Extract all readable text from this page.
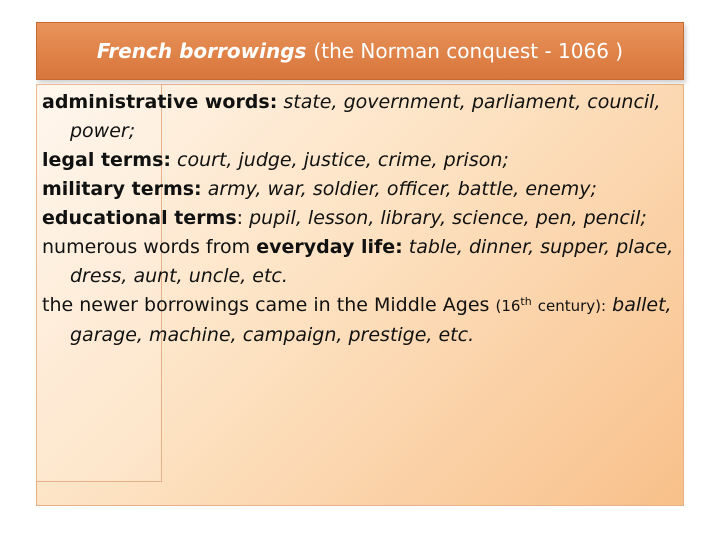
French borrowings (the Norman conquest - 1066 )

administrative words: state, government, parliament, council, power;

legal terms: court, judge, justice, crime, prison;

military terms: army, war, soldier, officer, battle, enemy;

educational terms: pupil, lesson, library, science, pen, pencil;

numerous words from everyday life: table, dinner, supper, place, dress, aunt, uncle, etc.

the newer borrowings came in the Middle Ages (16th century): ballet, garage, machine, campaign, prestige, etc.
